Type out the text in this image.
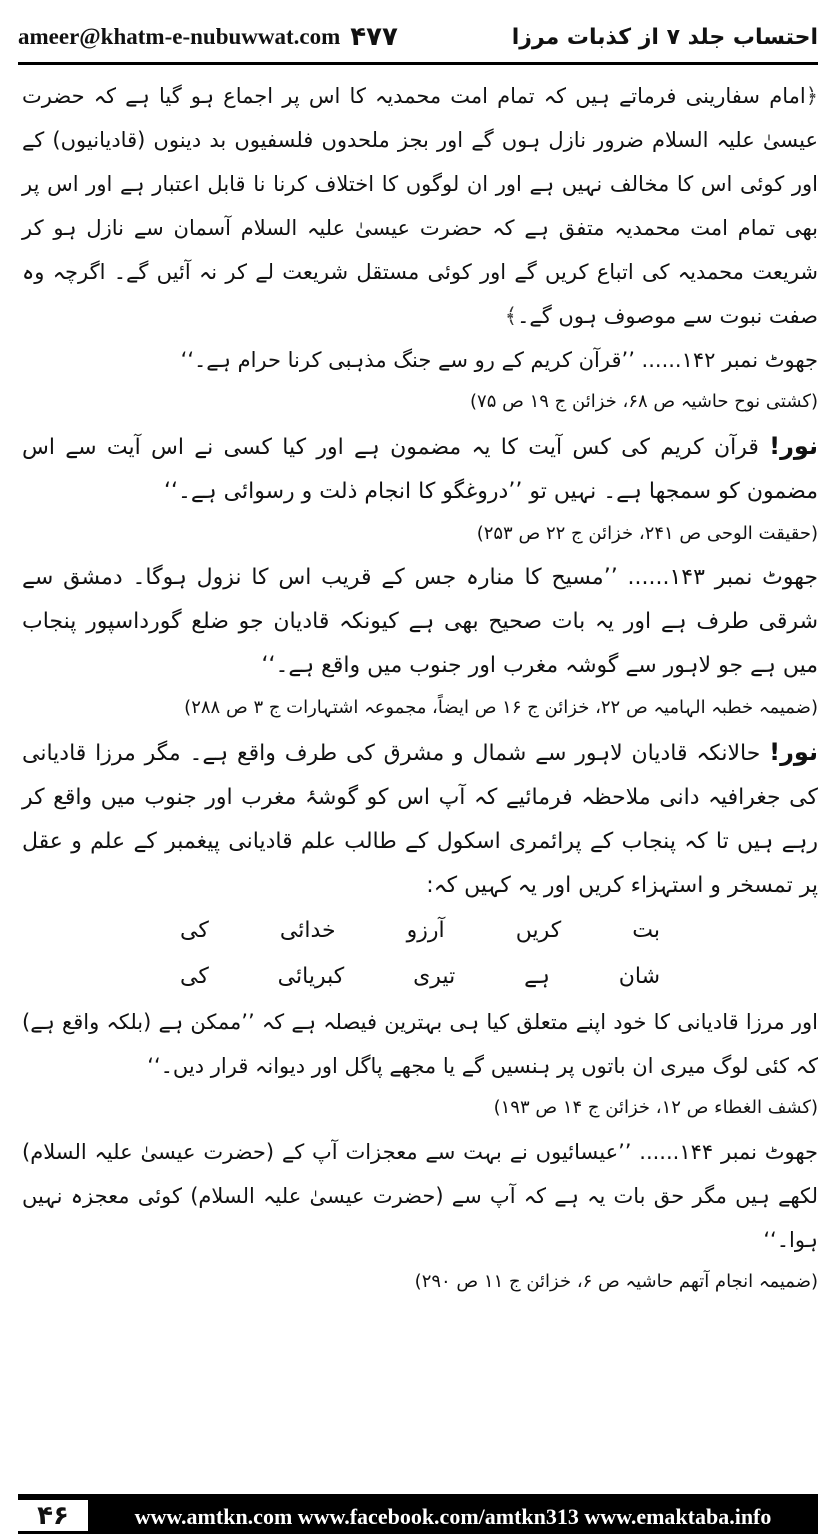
ameer@khatm-e-nubuwwat.com ۴۷۷	احتساب جلد ۷ از کذبات مرزا

﴿امام سفارینی فرماتے ہیں کہ تمام امت محمدیہ کا اس پر اجماع ہو گیا ہے کہ حضرت عیسیٰ علیہ السلام ضرور نازل ہوں گے اور بجز ملحدوں فلسفیوں بد دینوں (قادیانیوں) کے اور کوئی اس کا مخالف نہیں ہے اور ان لوگوں کا اختلاف کرنا نا قابل اعتبار ہے اور اس پر بھی تمام امت محمدیہ متفق ہے کہ حضرت عیسیٰ علیہ السلام آسمان سے نازل ہو کر شریعت محمدیہ کی اتباع کریں گے اور کوئی مستقل شریعت لے کر نہ آئیں گے۔ اگرچہ وہ صفت نبوت سے موصوف ہوں گے۔﴾

جھوٹ نمبر ۱۴۲...... ’’قرآن کریم کے رو سے جنگ مذہبی کرنا حرام ہے۔‘‘

(کشتی نوح حاشیہ ص ۶۸، خزائن ج ۱۹ ص ۷۵)

نور! قرآن کریم کی کس آیت کا یہ مضمون ہے اور کیا کسی نے اس آیت سے اس مضمون کو سمجھا ہے۔ نہیں تو ’’دروغگو کا انجام ذلت و رسوائی ہے۔‘‘

(حقیقت الوحی ص ۲۴۱، خزائن ج ۲۲ ص ۲۵۳)

جھوٹ نمبر ۱۴۳...... ’’مسیح کا منارہ جس کے قریب اس کا نزول ہوگا۔ دمشق سے شرقی طرف ہے اور یہ بات صحیح بھی ہے کیونکہ قادیان جو ضلع گورداسپور پنجاب میں ہے جو لاہور سے گوشہ مغرب اور جنوب میں واقع ہے۔‘‘

(ضمیمہ خطبہ الہامیہ ص ۲۲، خزائن ج ۱۶ ص ایضاً، مجموعہ اشتہارات ج ۳ ص ۲۸۸)

نور! حالانکہ قادیان لاہور سے شمال و مشرق کی طرف واقع ہے۔ مگر مرزا قادیانی کی جغرافیہ دانی ملاحظہ فرمائیے کہ آپ اس کو گوشۂ مغرب اور جنوب میں واقع کر رہے ہیں تا کہ پنجاب کے پرائمری اسکول کے طالب علم قادیانی پیغمبر کے علم و عقل پر تمسخر و استہزاء کریں اور یہ کہیں کہ:

بت
کریں
آرزو
خدائی
کی
شان
ہے
تیری
کبریائی
کی

اور مرزا قادیانی کا خود اپنے متعلق کیا ہی بہترین فیصلہ ہے کہ ’’ممکن ہے (بلکہ واقع ہے) کہ کئی لوگ میری ان باتوں پر ہنسیں گے یا مجھے پاگل اور دیوانہ قرار دیں۔‘‘

(کشف الغطاء ص ۱۲، خزائن ج ۱۴ ص ۱۹۳)

جھوٹ نمبر ۱۴۴...... ’’عیسائیوں نے بہت سے معجزات آپ کے (حضرت عیسیٰ علیہ السلام) لکھے ہیں مگر حق بات یہ ہے کہ آپ سے (حضرت عیسیٰ علیہ السلام) کوئی معجزہ نہیں ہوا۔‘‘

(ضمیمہ انجام آتھم حاشیہ ص ۶، خزائن ج ۱۱ ص ۲۹۰)

۴۶	www.amtkn.com www.facebook.com/amtkn313 www.emaktaba.info
